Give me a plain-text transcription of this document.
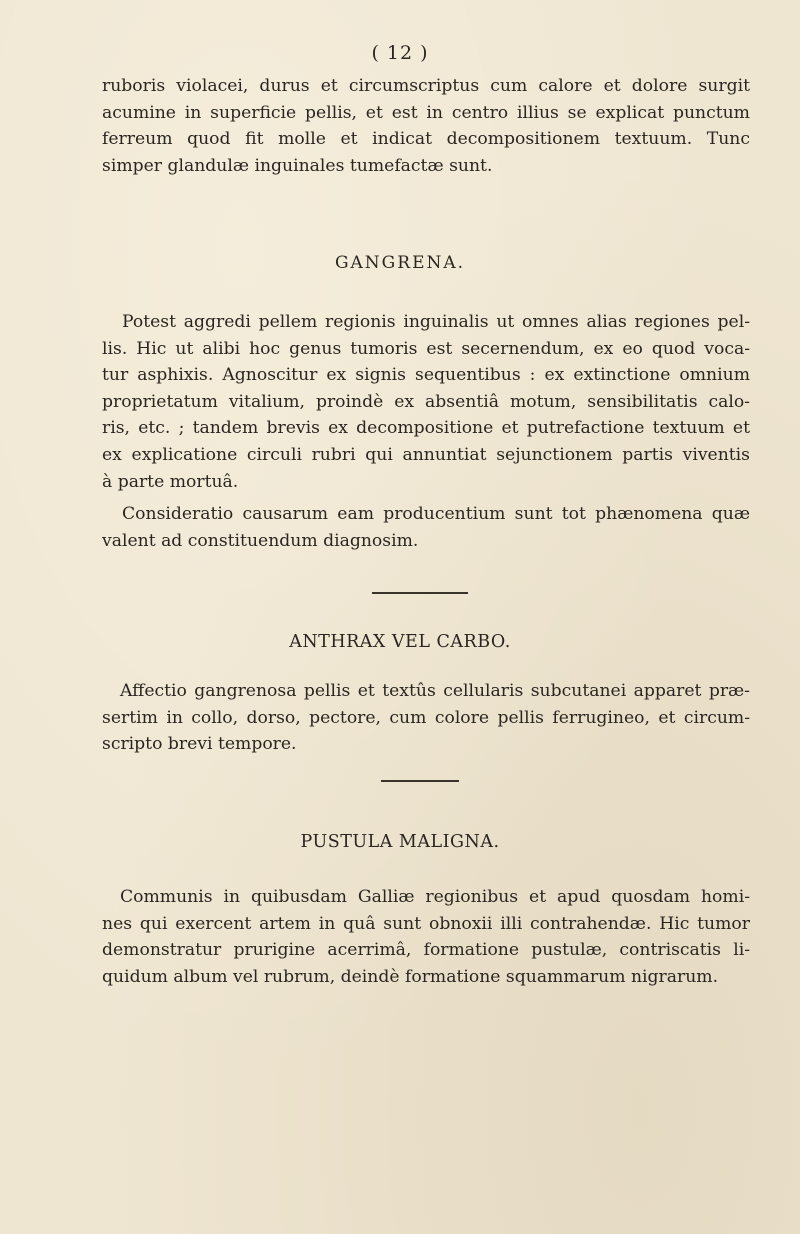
( 12 )
ruboris violacei, durus et circumscriptus cum calore et dolore surgit
acumine in superficie pellis, et est in centro illius se explicat punctum
ferreum quod fit molle et indicat decompositionem textuum. Tunc
simper glandulæ inguinales tumefactæ sunt.
GANGRENA.
Potest aggredi pellem regionis inguinalis ut omnes alias regiones pel-
lis. Hic ut alibi hoc genus tumoris est secernendum, ex eo quod voca-
tur asphixis. Agnoscitur ex signis sequentibus : ex extinctione omnium
proprietatum vitalium, proindè ex absentiâ motum, sensibilitatis calo-
ris, etc. ; tandem brevis ex decompositione et putrefactione textuum et
ex explicatione circuli rubri qui annuntiat sejunctionem partis viventis
à parte mortuâ.
Consideratio causarum eam producentium sunt tot phænomena quæ
valent ad constituendum diagnosim.
ANTHRAX VEL CARBO.
Affectio gangrenosa pellis et textûs cellularis subcutanei apparet præ-
sertim in collo, dorso, pectore, cum colore pellis ferrugineo, et circum-
scripto brevi tempore.
PUSTULA MALIGNA.
Communis in quibusdam Galliæ regionibus et apud quosdam homi-
nes qui exercent artem in quâ sunt obnoxii illi contrahendæ. Hic tumor
demonstratur prurigine acerrimâ, formatione pustulæ, contriscatis li-
quidum album vel rubrum, deindè formatione squammarum nigrarum.
